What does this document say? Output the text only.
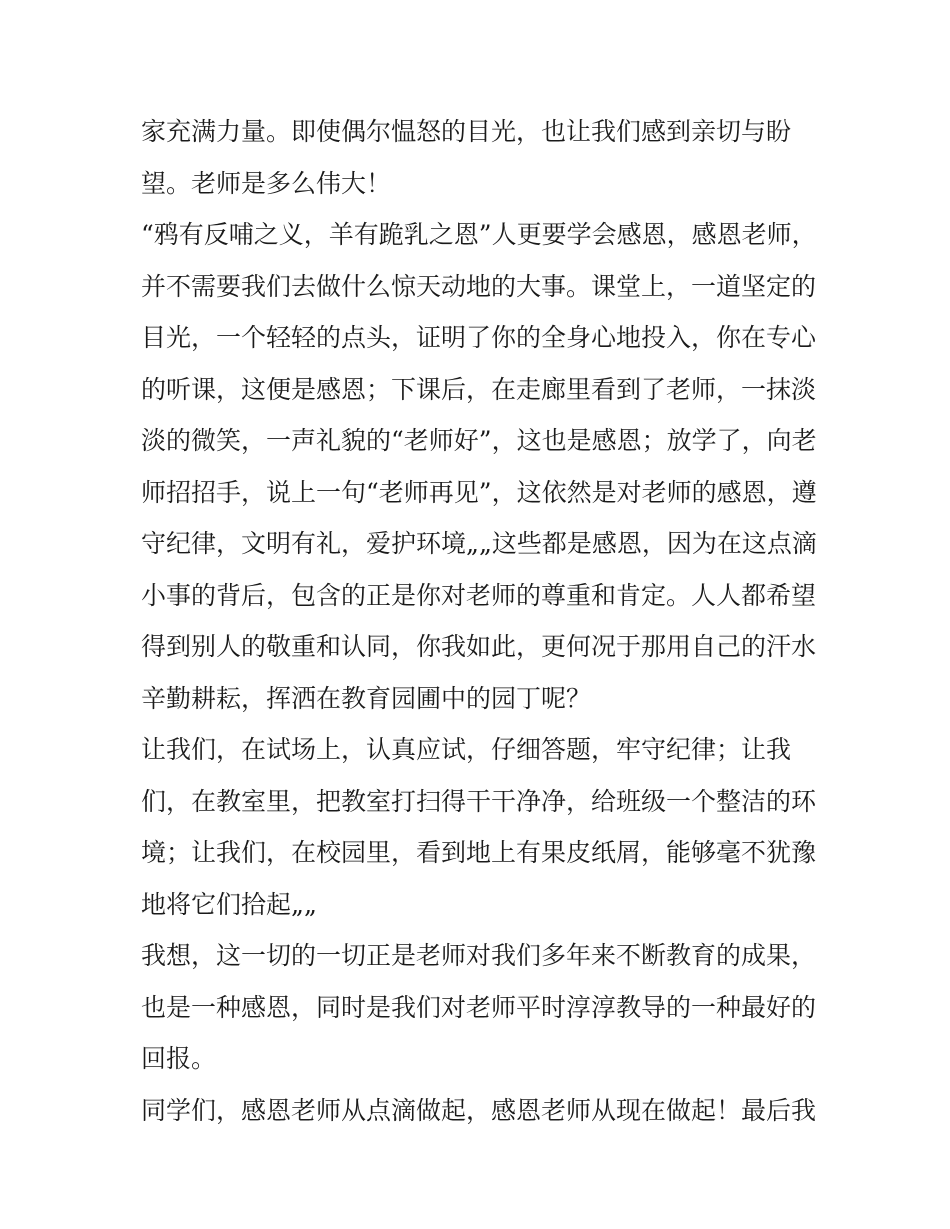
家充满力量。即使偶尔愠怒的目光，也让我们感到亲切与盼
望。老师是多么伟大！
“鸦有反哺之义，羊有跪乳之恩”人更要学会感恩，感恩老师，
并不需要我们去做什么惊天动地的大事。课堂上，一道坚定的
目光，一个轻轻的点头，证明了你的全身心地投入，你在专心
的听课，这便是感恩；下课后，在走廊里看到了老师，一抹淡
淡的微笑，一声礼貌的“老师好”，这也是感恩；放学了，向老
师招招手，说上一句“老师再见”，这依然是对老师的感恩，遵
守纪律，文明有礼，爱护环境„„这些都是感恩，因为在这点滴
小事的背后，包含的正是你对老师的尊重和肯定。人人都希望
得到别人的敬重和认同，你我如此，更何况于那用自己的汗水
辛勤耕耘，挥洒在教育园圃中的园丁呢？
让我们，在试场上，认真应试，仔细答题，牢守纪律；让我
们，在教室里，把教室打扫得干干净净，给班级一个整洁的环
境；让我们，在校园里，看到地上有果皮纸屑，能够毫不犹豫
地将它们拾起„„
我想，这一切的一切正是老师对我们多年来不断教育的成果，
也是一种感恩，同时是我们对老师平时淳淳教导的一种最好的
回报。
同学们，感恩老师从点滴做起，感恩老师从现在做起！最后我
